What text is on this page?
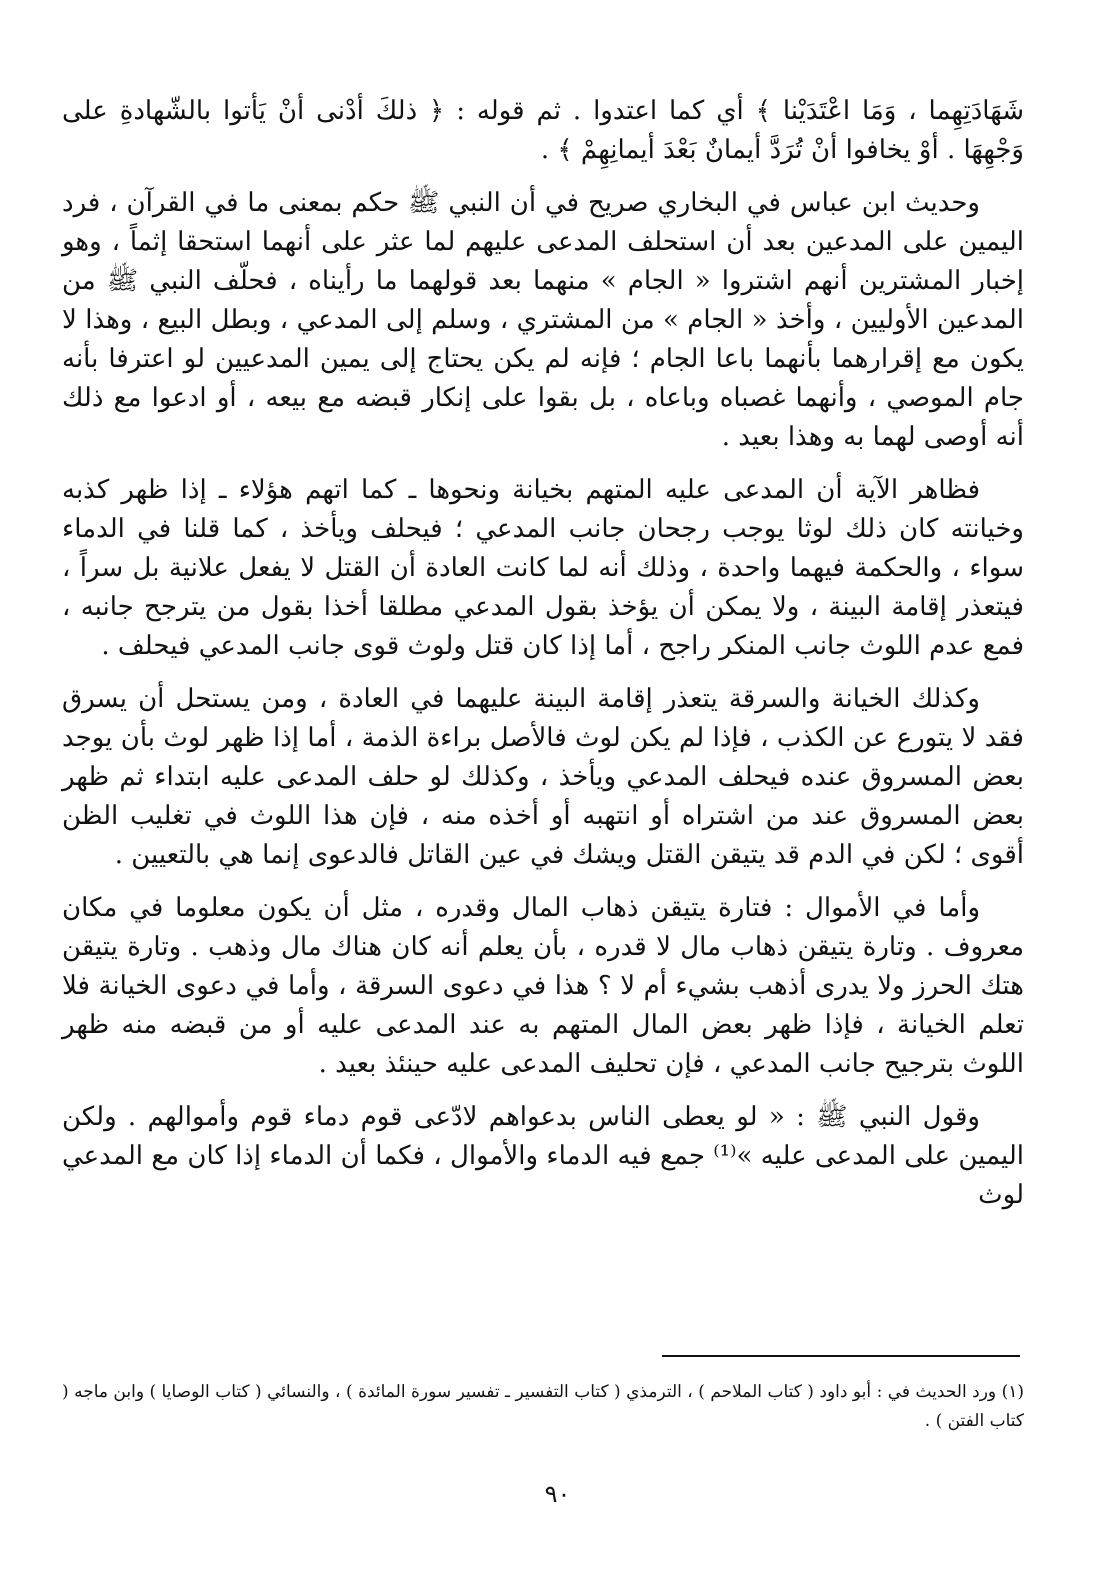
شَهَادَتِهِما ، وَمَا اعْتَدَيْنا ﴾ أي كما اعتدوا . ثم قوله : ﴿ ذلكَ أدْنى أنْ يَأتوا بالشّهادةِ على وَجْهِهَا . أوْ يخافوا أنْ تُرَدَّ أيمانٌ بَعْدَ أيمانِهِمْ ﴾ .

وحديث ابن عباس في البخاري صريح في أن النبي ﷺ حكم بمعنى ما في القرآن ، فرد اليمين على المدعين بعد أن استحلف المدعى عليهم لما عثر على أنهما استحقا إثماً ، وهو إخبار المشترين أنهم اشتروا « الجام » منهما بعد قولهما ما رأيناه ، فحلّف النبي ﷺ من المدعين الأوليين ، وأخذ « الجام » من المشتري ، وسلم إلى المدعي ، وبطل البيع ، وهذا لا يكون مع إقرارهما بأنهما باعا الجام ؛ فإنه لم يكن يحتاج إلى يمين المدعيين لو اعترفا بأنه جام الموصي ، وأنهما غصباه وباعاه ، بل بقوا على إنكار قبضه مع بيعه ، أو ادعوا مع ذلك أنه أوصى لهما به وهذا بعيد .

فظاهر الآية أن المدعى عليه المتهم بخيانة ونحوها ـ كما اتهم هؤلاء ـ إذا ظهر كذبه وخيانته كان ذلك لوثا يوجب رجحان جانب المدعي ؛ فيحلف ويأخذ ، كما قلنا في الدماء سواء ، والحكمة فيهما واحدة ، وذلك أنه لما كانت العادة أن القتل لا يفعل علانية بل سراً ، فيتعذر إقامة البينة ، ولا يمكن أن يؤخذ بقول المدعي مطلقا أخذا بقول من يترجح جانبه ، فمع عدم اللوث جانب المنكر راجح ، أما إذا كان قتل ولوث قوى جانب المدعي فيحلف .

وكذلك الخيانة والسرقة يتعذر إقامة البينة عليهما في العادة ، ومن يستحل أن يسرق فقد لا يتورع عن الكذب ، فإذا لم يكن لوث فالأصل براءة الذمة ، أما إذا ظهر لوث بأن يوجد بعض المسروق عنده فيحلف المدعي ويأخذ ، وكذلك لو حلف المدعى عليه ابتداء ثم ظهر بعض المسروق عند من اشتراه أو انتهبه أو أخذه منه ، فإن هذا اللوث في تغليب الظن أقوى ؛ لكن في الدم قد يتيقن القتل ويشك في عين القاتل فالدعوى إنما هي بالتعيين .

وأما في الأموال : فتارة يتيقن ذهاب المال وقدره ، مثل أن يكون معلوما في مكان معروف . وتارة يتيقن ذهاب مال لا قدره ، بأن يعلم أنه كان هناك مال وذهب . وتارة يتيقن هتك الحرز ولا يدرى أذهب بشيء أم لا ؟ هذا في دعوى السرقة ، وأما في دعوى الخيانة فلا تعلم الخيانة ، فإذا ظهر بعض المال المتهم به عند المدعى عليه أو من قبضه منه ظهر اللوث بترجيح جانب المدعي ، فإن تحليف المدعى عليه حينئذ بعيد .

وقول النبي ﷺ : « لو يعطى الناس بدعواهم لادّعى قوم دماء قوم وأموالهم . ولكن اليمين على المدعى عليه »⁽¹⁾ جمع فيه الدماء والأموال ، فكما أن الدماء إذا كان مع المدعي لوث

(١) ورد الحديث في : أبو داود ( كتاب الملاحم ) ، الترمذي ( كتاب التفسير ـ تفسير سورة المائدة ) ، والنسائي ( كتاب الوصايا ) وابن ماجه ( كتاب الفتن ) .
٩٠
